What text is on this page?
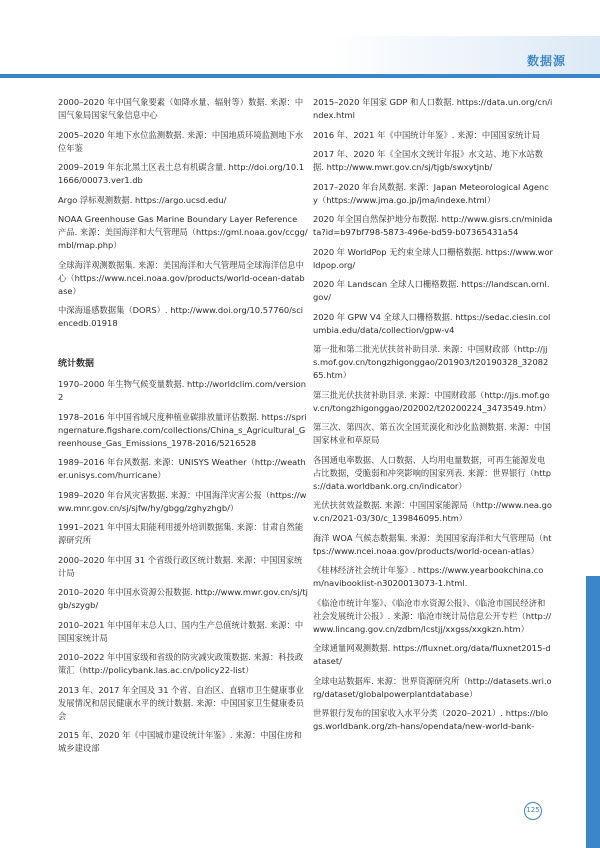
数据源

2000–2020 年中国气象要素（如降水量、辐射等）数据. 来源：中国气象局国家气象信息中心

2005–2020 年地下水位监测数据. 来源：中国地质环境监测地下水位年鉴

2009–2019 年东北黑土区表土总有机碳含量. http://doi.org/10.11666/00073.ver1.db

Argo 浮标观测数据. https://argo.ucsd.edu/

NOAA Greenhouse Gas Marine Boundary Layer Reference 产品. 来源：美国海洋和大气管理局（https://gml.noaa.gov/ccgg/mbl/map.php）

全球海洋观测数据集. 来源：美国海洋和大气管理局全球海洋信息中心（https://www.ncei.noaa.gov/products/world-ocean-database）

中深海遥感数据集（DORS）. http://www.doi.org/10.57760/sciencedb.01918

统计数据

1970–2000 年生物气候变量数据. http://worldclim.com/version2

1978–2016 年中国省域尺度种植业碳排放量评估数据. https://springernature.figshare.com/collections/China_s_Agricultural_Greenhouse_Gas_Emissions_1978-2016/5216528

1989–2016 年台风数据. 来源：UNISYS Weather（http://weather.unisys.com/hurricane）

1989–2020 年台风灾害数据. 来源：中国海洋灾害公报（https://www.mnr.gov.cn/sj/sjfw/hy/gbgg/zghyzhgb/）

1991–2021 年中国太阳能利用援外培训数据集. 来源：甘肃自然能源研究所

2000–2020 年中国 31 个省级行政区统计数据. 来源：中国国家统计局

2010–2020 年中国水资源公报数据. http://www.mwr.gov.cn/sj/tjgb/szygb/

2010–2021 年中国年末总人口、国内生产总值统计数据. 来源：中国国家统计局

2010–2022 年中国家级和省级的防灾减灾政策数据. 来源：科技政策汇（http://policybank.las.ac.cn/policy22-list）

2013 年、2017 年全国及 31 个省、自治区、直辖市卫生健康事业发展情况和居民健康水平的统计数据. 来源：中国国家卫生健康委员会

2015 年、2020 年《中国城市建设统计年鉴》. 来源：中国住房和城乡建设部

2015–2020 年国家 GDP 和人口数据. https://data.un.org/cn/index.html

2016 年、2021 年《中国统计年鉴》. 来源：中国国家统计局

2017 年、2020 年《全国水文统计年报》水文站、地下水站数据. http://www.mwr.gov.cn/sj/tjgb/swxytjnb/

2017–2020 年台风数据. 来源：Japan Meteorological Agency（https://www.jma.go.jp/jma/indexe.html）

2020 年全国自然保护地分布数据. http://www.gisrs.cn/minidata?id=b97bf798-5873-496e-bd59-b07365431a54

2020 年 WorldPop 无约束全球人口栅格数据. https://www.worldpop.org/

2020 年 Landscan 全球人口栅格数据. https://landscan.ornl.gov/

2020 年 GPW V4 全球人口栅格数据. https://sedac.ciesin.columbia.edu/data/collection/gpw-v4

第一批和第二批光伏扶贫补助目录. 来源：中国财政部（http://jjs.mof.gov.cn/tongzhigonggao/201903/t20190328_3208265.htm）

第三批光伏扶贫补助目录. 来源：中国财政部（http://jjs.mof.gov.cn/tongzhigonggao/202002/t20200224_3473549.htm）

第三次、第四次、第五次全国荒漠化和沙化监测数据. 来源：中国国家林业和草原局

各国通电率数据、人口数据、人均用电量数据，可再生能源发电占比数据，受脆弱和冲突影响的国家列表. 来源：世界银行（https://data.worldbank.org.cn/indicator）

光伏扶贫效益数据. 来源：中国国家能源局（http://www.nea.gov.cn/2021-03/30/c_139846095.htm）

海洋 WOA 气候态数据集. 来源：美国国家海洋和大气管理局（https://www.ncei.noaa.gov/products/world-ocean-atlas）

《桂林经济社会统计年鉴》. https://www.yearbookchina.com/navibooklist-n3020013073-1.html.

《临沧市统计年鉴》、《临沧市水资源公报》、《临沧市国民经济和社会发展统计公报》. 来源：临沧市统计局信息公开专栏（http://www.lincang.gov.cn/zdbm/lcstjj/xxgss/xxgkzn.htm）

全球通量网观测数据. https://fluxnet.org/data/fluxnet2015-dataset/

全球电站数据库. 来源：世界资源研究所（http://datasets.wri.org/dataset/globalpowerplantdatabase）

世界银行发布的国家收入水平分类（2020–2021）. https://blogs.worldbank.org/zh-hans/opendata/new-world-bank-

125
